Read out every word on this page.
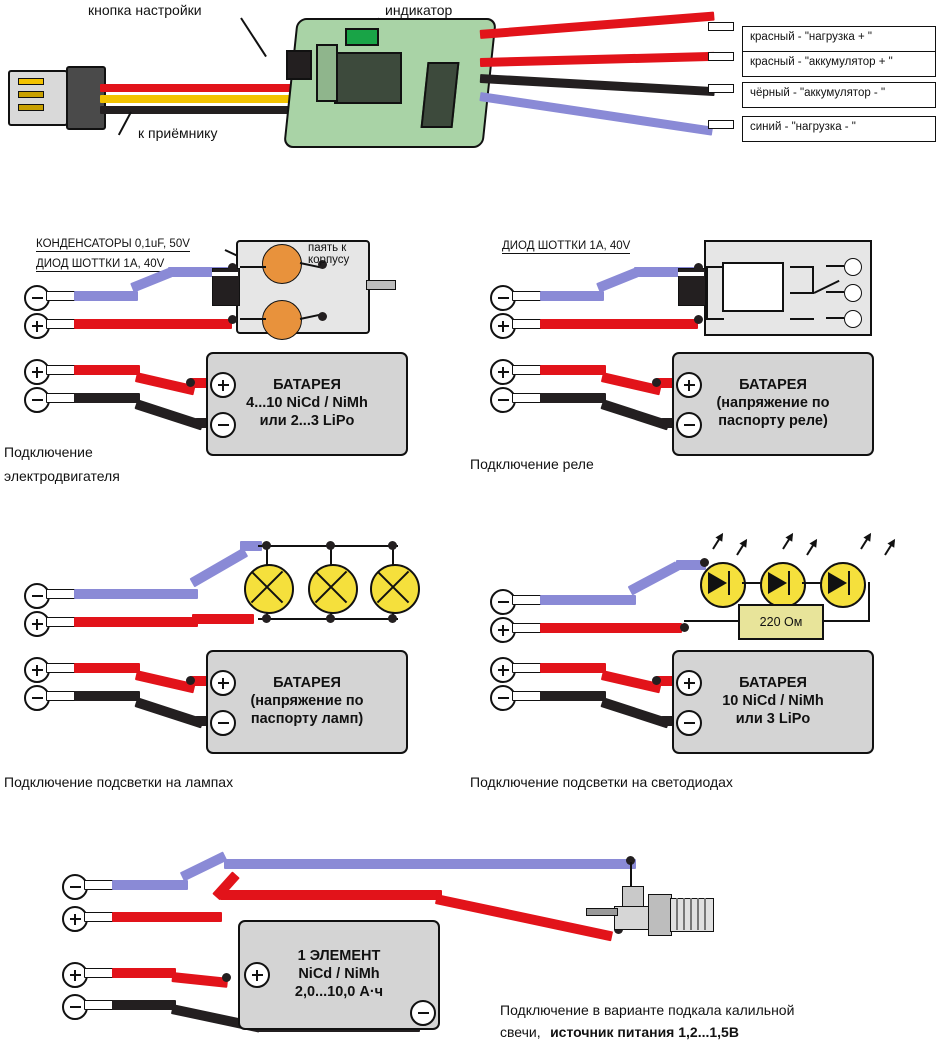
кнопка настройки	индикатор
к приёмнику
красный - "нагрузка + "
красный - "аккумулятор + "
чёрный - "аккумулятор - "
синий - "нагрузка - "
КОНДЕНСАТОРЫ 0,1uF, 50V
ДИОД ШОТТКИ 1А, 40V
паять к
корпусу
БАТАРЕЯ
4...10 NiCd / NiMh
или 2...3 LiPo
Подключение
электродвигателя
ДИОД ШОТТКИ 1А, 40V
БАТАРЕЯ
(напряжение по
паспорту реле)
Подключение реле
БАТАРЕЯ
(напряжение по
паспорту ламп)
Подключение подсветки на лампах
220 Ом
БАТАРЕЯ
10 NiCd / NiMh
или 3 LiPo
Подключение подсветки на светодиодах
1 ЭЛЕМЕНТ
NiCd / NiMh
2,0...10,0 А·ч
Подключение в варианте подкала калильной
свечи, источник питания 1,2...1,5В
